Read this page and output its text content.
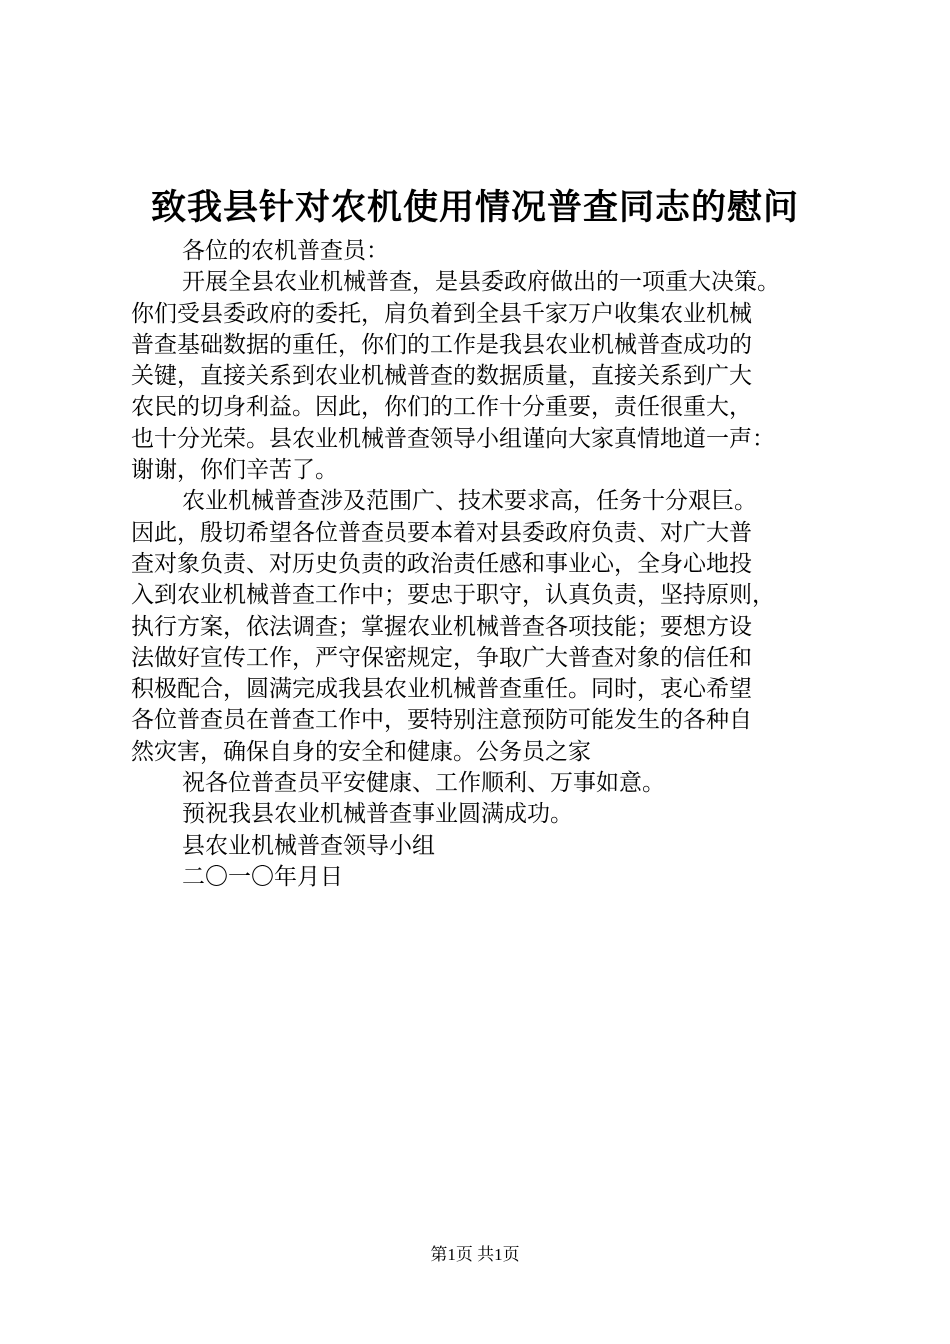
致我县针对农机使用情况普查同志的慰问
各位的农机普查员：
开展全县农业机械普查，是县委政府做出的一项重大决策。
你们受县委政府的委托，肩负着到全县千家万户收集农业机械
普查基础数据的重任，你们的工作是我县农业机械普查成功的
关键，直接关系到农业机械普查的数据质量，直接关系到广大
农民的切身利益。因此，你们的工作十分重要，责任很重大，
也十分光荣。县农业机械普查领导小组谨向大家真情地道一声：
谢谢，你们辛苦了。
农业机械普查涉及范围广、技术要求高，任务十分艰巨。
因此，殷切希望各位普查员要本着对县委政府负责、对广大普
查对象负责、对历史负责的政治责任感和事业心，全身心地投
入到农业机械普查工作中；要忠于职守，认真负责，坚持原则，
执行方案，依法调查；掌握农业机械普查各项技能；要想方设
法做好宣传工作，严守保密规定，争取广大普查对象的信任和
积极配合，圆满完成我县农业机械普查重任。同时，衷心希望
各位普查员在普查工作中，要特别注意预防可能发生的各种自
然灾害，确保自身的安全和健康。公务员之家
祝各位普查员平安健康、工作顺利、万事如意。
预祝我县农业机械普查事业圆满成功。
县农业机械普查领导小组
二〇一〇年月日
第1页 共1页
